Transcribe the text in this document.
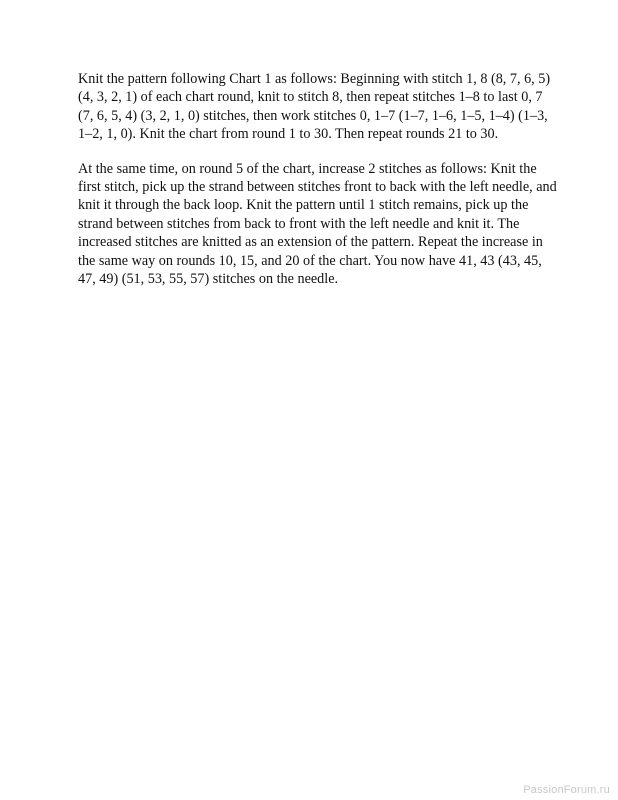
Knit the pattern following Chart 1 as follows: Beginning with stitch 1, 8 (8, 7, 6, 5) (4, 3, 2, 1) of each chart round, knit to stitch 8, then repeat stitches 1–8 to last 0, 7 (7, 6, 5, 4) (3, 2, 1, 0) stitches, then work stitches 0, 1–7 (1–7, 1–6, 1–5, 1–4) (1–3, 1–2, 1, 0). Knit the chart from round 1 to 30. Then repeat rounds 21 to 30.

At the same time, on round 5 of the chart, increase 2 stitches as follows: Knit the first stitch, pick up the strand between stitches front to back with the left needle, and knit it through the back loop. Knit the pattern until 1 stitch remains, pick up the strand between stitches from back to front with the left needle and knit it. The increased stitches are knitted as an extension of the pattern. Repeat the increase in the same way on rounds 10, 15, and 20 of the chart. You now have 41, 43 (43, 45, 47, 49) (51, 53, 55, 57) stitches on the needle.

PassionForum.ru
